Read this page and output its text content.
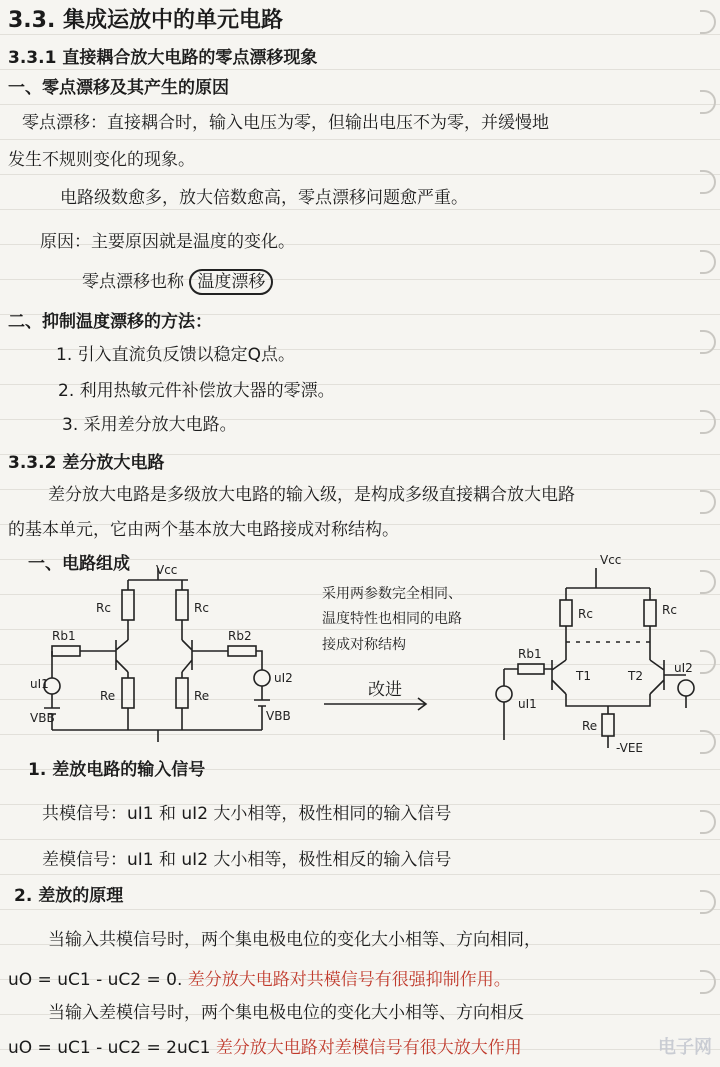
3.3. 集成运放中的单元电路
3.3.1 直接耦合放大电路的零点漂移现象
一、零点漂移及其产生的原因
零点漂移：直接耦合时，输入电压为零，但输出电压不为零，并缓慢地
发生不规则变化的现象。
电路级数愈多，放大倍数愈高，零点漂移问题愈严重。
原因：主要原因就是温度的变化。
零点漂移也称 温度漂移
二、抑制温度漂移的方法：
1. 引入直流负反馈以稳定Q点。
2. 利用热敏元件补偿放大器的零漂。
3. 采用差分放大电路。
3.3.2 差分放大电路
差分放大电路是多级放大电路的输入级，是构成多级直接耦合放大电路
的基本单元，它由两个基本放大电路接成对称结构。
一、电路组成 Vcc
Rc	Rc
Rb1	Rb2
Re	Re
uI1
VBB
uI2
VBB
采用两参数完全相同、
温度特性也相同的电路
接成对称结构
改进
Vcc
Rc	Rc
T1	T2
Rb1
uI1
uI2
Re
-VEE
1. 差放电路的输入信号
共模信号：uI1 和 uI2 大小相等，极性相同的输入信号
差模信号：uI1 和 uI2 大小相等，极性相反的输入信号
2. 差放的原理
当输入共模信号时，两个集电极电位的变化大小相等、方向相同，
uO = uC1 - uC2 = 0. 差分放大电路对共模信号有很强抑制作用。
当输入差模信号时，两个集电极电位的变化大小相等、方向相反
uO = uC1 - uC2 = 2uC1 差分放大电路对差模信号有很大放大作用	电子网
